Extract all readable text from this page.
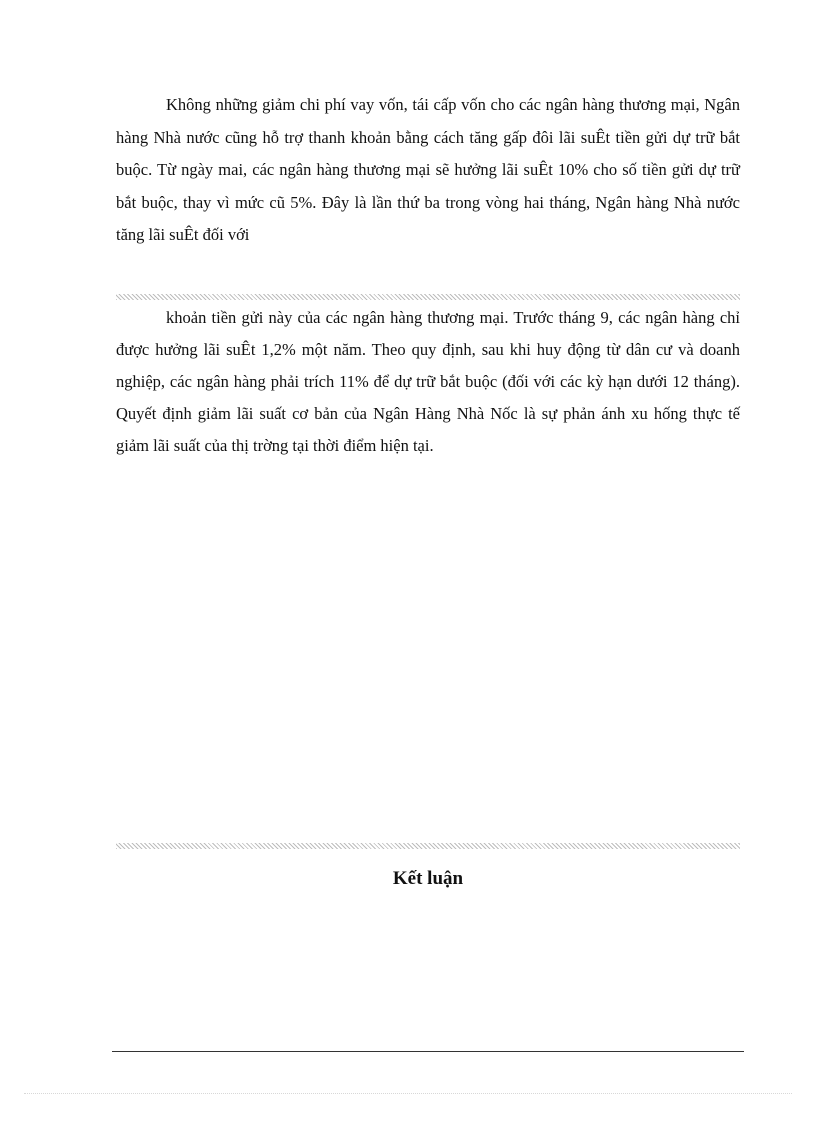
Không những giảm chi phí vay vốn, tái cấp vốn cho các ngân hàng thương mại, Ngân hàng Nhà nước cũng hỗ trợ thanh khoản bằng cách tăng gấp đôi lãi suÊt tiền gửi dự trữ bắt buộc. Từ ngày mai, các ngân hàng thương mại sẽ hưởng lãi suÊt 10% cho số tiền gửi dự trữ bắt buộc, thay vì mức cũ 5%. Đây là lần thứ ba trong vòng hai tháng, Ngân hàng Nhà nước tăng lãi suÊt đối với

khoản tiền gửi này của các ngân hàng thương mại. Trước tháng 9, các ngân hàng chỉ được hưởng lãi suÊt 1,2% một năm. Theo quy định, sau khi huy động từ dân cư và doanh nghiệp, các ngân hàng phải trích 11% để dự trữ bắt buộc (đối với các kỳ hạn dưới 12 tháng). Quyết định giảm lãi suất cơ bản của Ngân Hàng Nhà Nốc là sự phản ánh xu hống thực tế giảm lãi suất của thị trờng tại thời điểm hiện tại.

Kết luận
